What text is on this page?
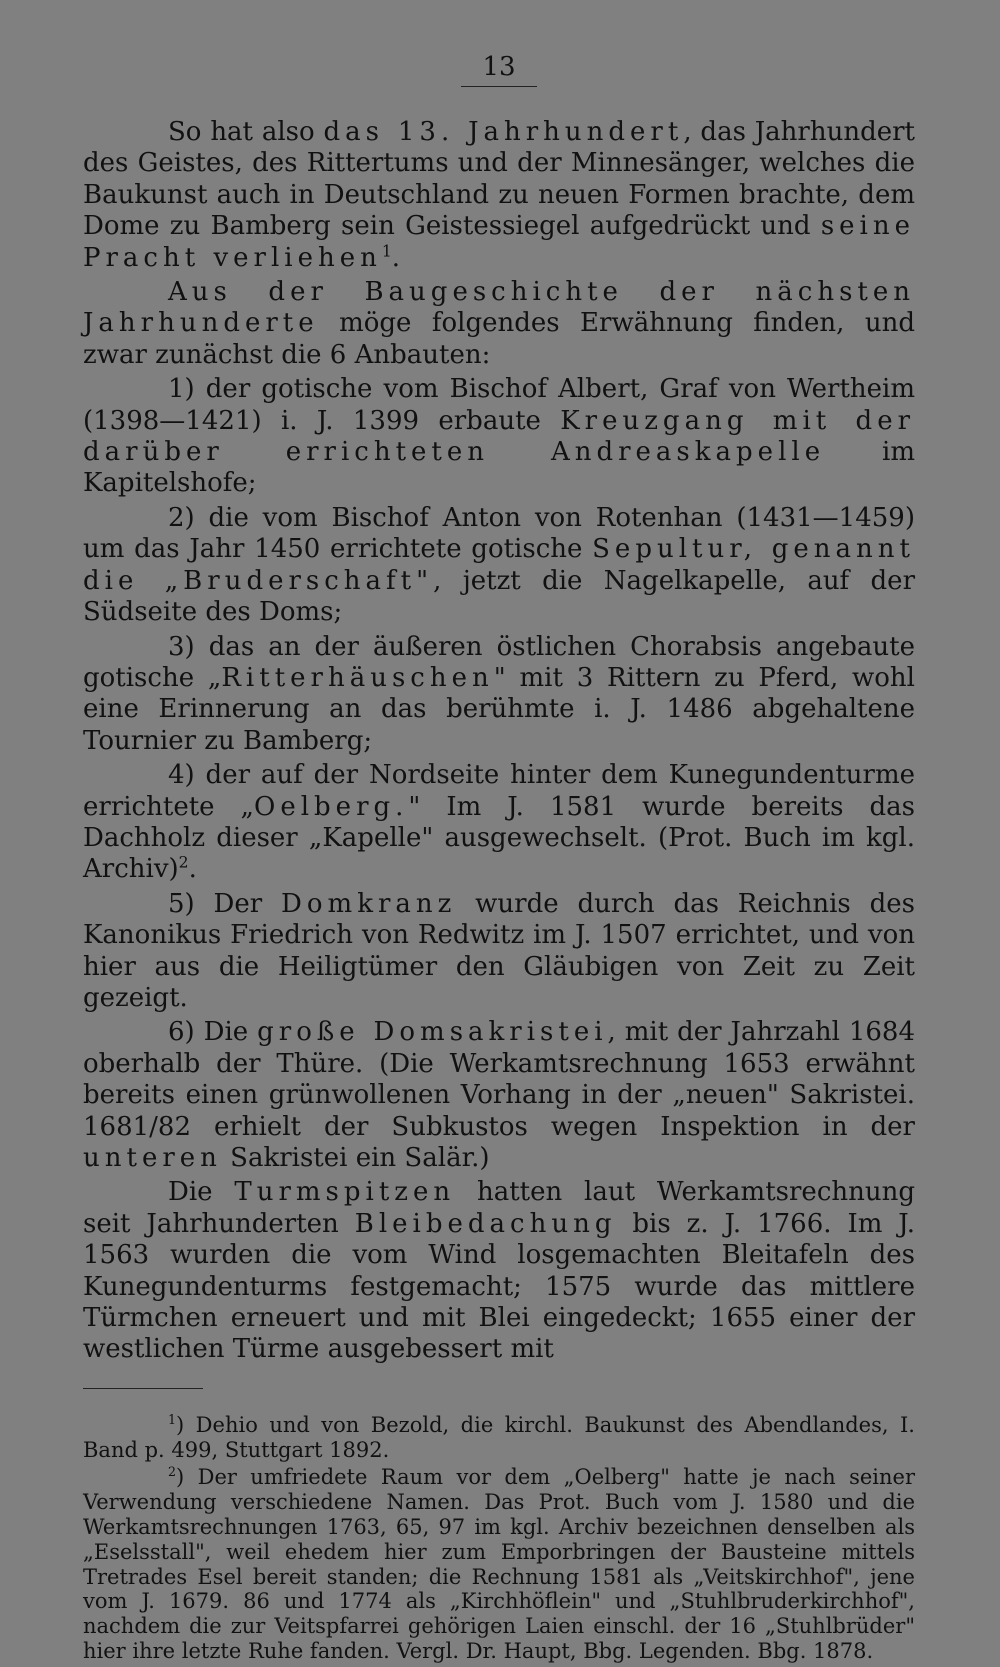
13

So hat also das 13. Jahrhundert, das Jahrhundert des Geistes, des Rittertums und der Minnesänger, welches die Baukunst auch in Deutschland zu neuen Formen brachte, dem Dome zu Bamberg sein Geistessiegel aufgedrückt und seine Pracht verliehen$^1$.

Aus der Baugeschichte der nächsten Jahrhunderte möge folgendes Erwähnung finden, und zwar zunächst die 6 Anbauten:

1) der gotische vom Bischof Albert, Graf von Wertheim (1398—1421) i. J. 1399 erbaute Kreuzgang mit der darüber errichteten Andreaskapelle im Kapitelshofe;

2) die vom Bischof Anton von Rotenhan (1431—1459) um das Jahr 1450 errichtete gotische Sepultur, genannt die „Bruderschaft", jetzt die Nagelkapelle, auf der Südseite des Doms;

3) das an der äußeren östlichen Chorabsis angebaute gotische „Ritterhäuschen" mit 3 Rittern zu Pferd, wohl eine Erinnerung an das berühmte i. J. 1486 abgehaltene Tournier zu Bamberg;

4) der auf der Nordseite hinter dem Kunegundenturme errichtete „Oelberg." Im J. 1581 wurde bereits das Dachholz dieser „Kapelle" ausgewechselt. (Prot. Buch im kgl. Archiv)$^2$.

5) Der Domkranz wurde durch das Reichnis des Kanonikus Friedrich von Redwitz im J. 1507 errichtet, und von hier aus die Heiligtümer den Gläubigen von Zeit zu Zeit gezeigt.

6) Die große Domsakristei, mit der Jahrzahl 1684 oberhalb der Thüre. (Die Werkamtsrechnung 1653 erwähnt bereits einen grünwollenen Vorhang in der „neuen" Sakristei. 1681/82 erhielt der Subkustos wegen Inspektion in der unteren Sakristei ein Salär.)

Die Turmspitzen hatten laut Werkamtsrechnung seit Jahrhunderten Bleibedachung bis z. J. 1766. Im J. 1563 wurden die vom Wind losgemachten Bleitafeln des Kunegundenturms festgemacht; 1575 wurde das mittlere Türmchen erneuert und mit Blei eingedeckt; 1655 einer der westlichen Türme ausgebessert mit

$^1$) Dehio und von Bezold, die kirchl. Baukunst des Abendlandes, I. Band p. 499, Stuttgart 1892.

$^2$) Der umfriedete Raum vor dem „Oelberg" hatte je nach seiner Verwendung verschiedene Namen. Das Prot. Buch vom J. 1580 und die Werkamtsrechnungen 1763, 65, 97 im kgl. Archiv bezeichnen denselben als „Eselsstall", weil ehedem hier zum Emporbringen der Bausteine mittels Tretrades Esel bereit standen; die Rechnung 1581 als „Veitskirchhof", jene vom J. 1679. 86 und 1774 als „Kirchhöflein" und „Stuhlbruderkirchhof", nachdem die zur Veitspfarrei gehörigen Laien einschl. der 16 „Stuhlbrüder" hier ihre letzte Ruhe fanden. Vergl. Dr. Haupt, Bbg. Legenden. Bbg. 1878.
